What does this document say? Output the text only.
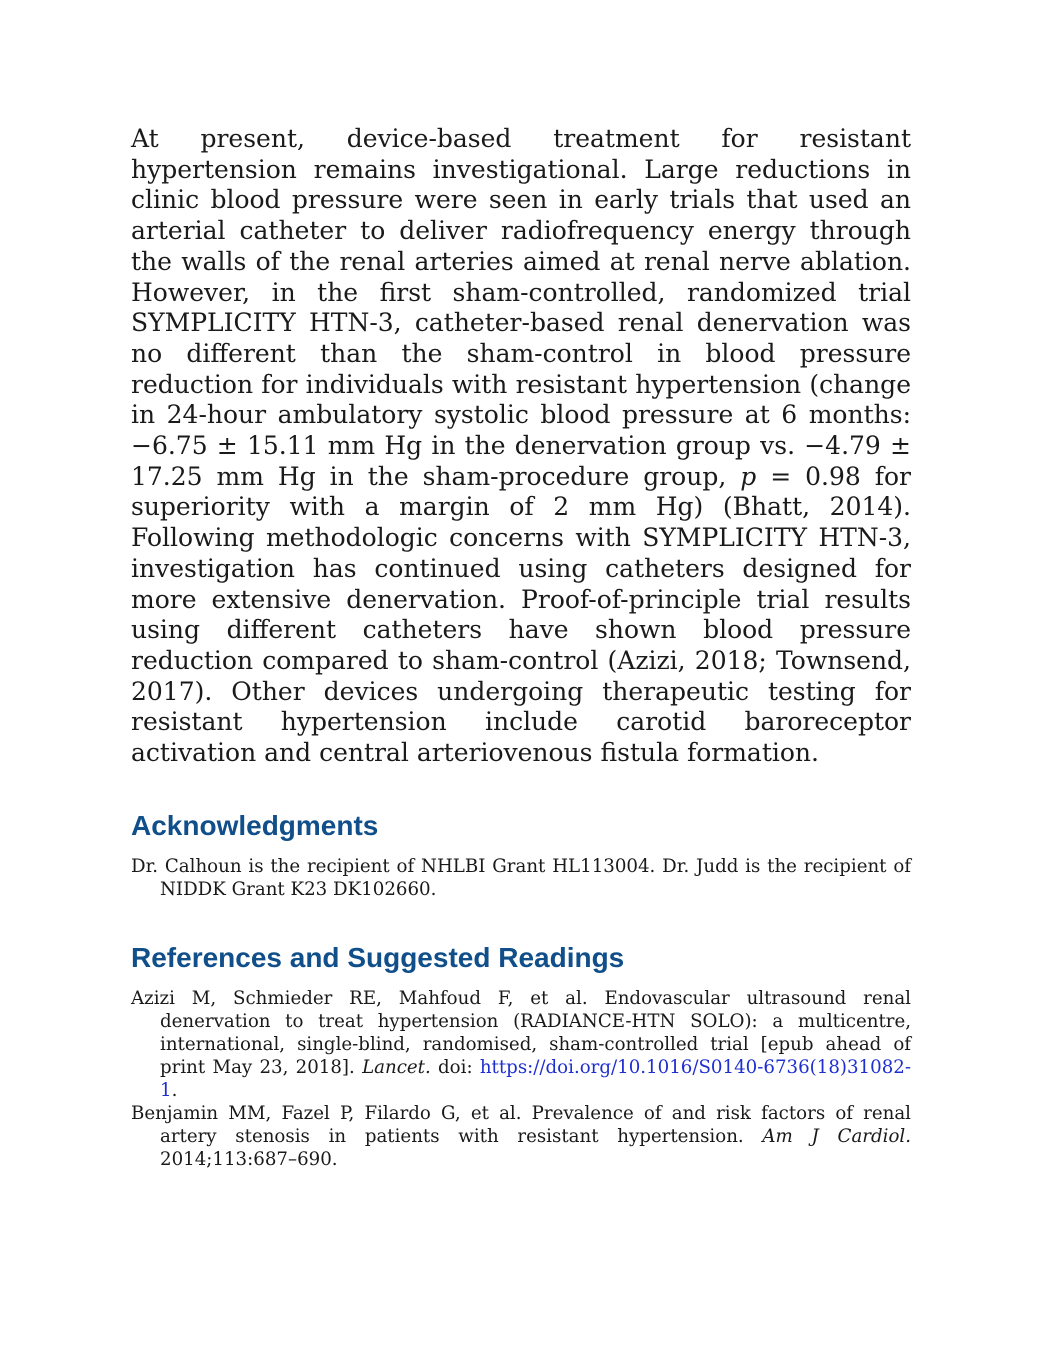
At present, device-based treatment for resistant hypertension remains investigational. Large reductions in clinic blood pressure were seen in early trials that used an arterial catheter to deliver radiofrequency energy through the walls of the renal arteries aimed at renal nerve ablation. However, in the first sham-controlled, randomized trial SYMPLICITY HTN-3, catheter-based renal denervation was no different than the sham-control in blood pressure reduction for individuals with resistant hypertension (change in 24-hour ambulatory systolic blood pressure at 6 months: −6.75 ± 15.11 mm Hg in the denervation group vs. −4.79 ± 17.25 mm Hg in the sham-procedure group, p = 0.98 for superiority with a margin of 2 mm Hg) (Bhatt, 2014). Following methodologic concerns with SYMPLICITY HTN-3, investigation has continued using catheters designed for more extensive denervation. Proof-of-principle trial results using different catheters have shown blood pressure reduction compared to sham-control (Azizi, 2018; Townsend, 2017). Other devices undergoing therapeutic testing for resistant hypertension include carotid baroreceptor activation and central arteriovenous fistula formation.

Acknowledgments

Dr. Calhoun is the recipient of NHLBI Grant HL113004. Dr. Judd is the recipient of NIDDK Grant K23 DK102660.

References and Suggested Readings

Azizi M, Schmieder RE, Mahfoud F, et al. Endovascular ultrasound renal denervation to treat hypertension (RADIANCE-HTN SOLO): a multicentre, international, single-blind, randomised, sham-controlled trial [epub ahead of print May 23, 2018]. Lancet. doi: https://doi.org/10.1016/S0140-6736(18)31082-1.

Benjamin MM, Fazel P, Filardo G, et al. Prevalence of and risk factors of renal artery stenosis in patients with resistant hypertension. Am J Cardiol. 2014;113:687–690.
